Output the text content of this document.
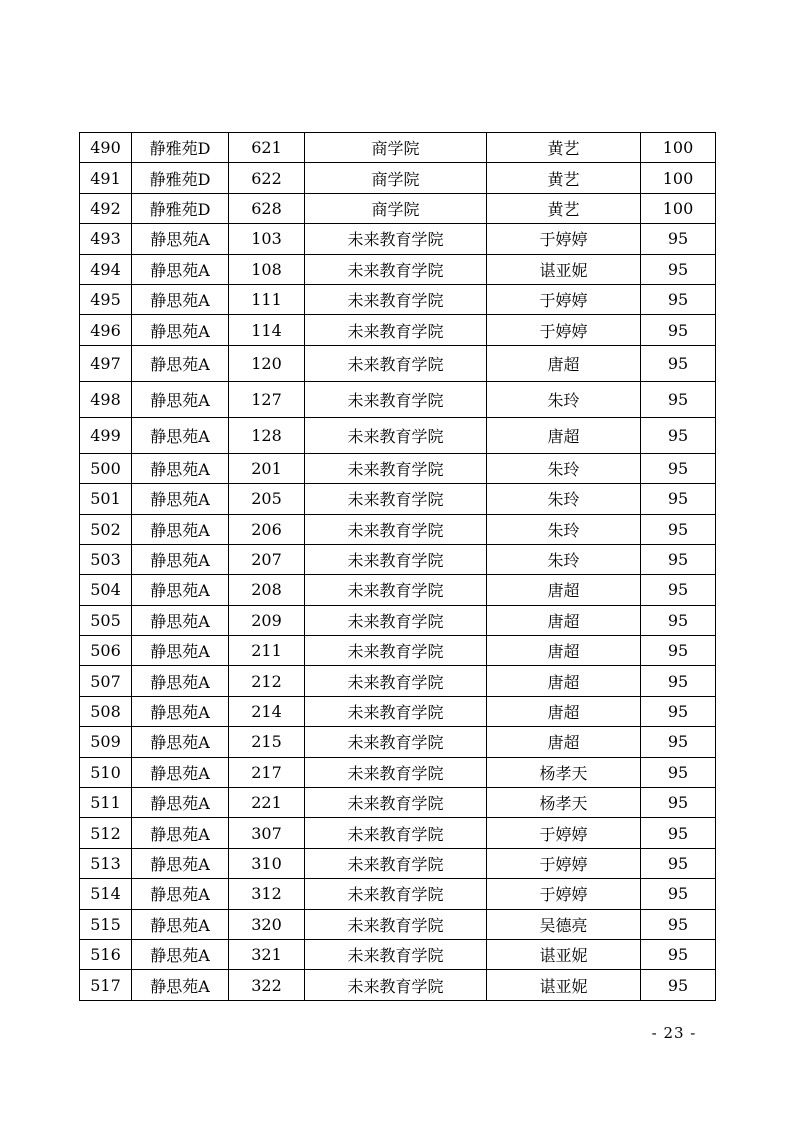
490	静雅苑D	621	商学院	黄艺	100
491	静雅苑D	622	商学院	黄艺	100
492	静雅苑D	628	商学院	黄艺	100
493	静思苑A	103	未来教育学院	于婷婷	95
494	静思苑A	108	未来教育学院	谌亚妮	95
495	静思苑A	111	未来教育学院	于婷婷	95
496	静思苑A	114	未来教育学院	于婷婷	95
497	静思苑A	120	未来教育学院	唐超	95
498	静思苑A	127	未来教育学院	朱玲	95
499	静思苑A	128	未来教育学院	唐超	95
500	静思苑A	201	未来教育学院	朱玲	95
501	静思苑A	205	未来教育学院	朱玲	95
502	静思苑A	206	未来教育学院	朱玲	95
503	静思苑A	207	未来教育学院	朱玲	95
504	静思苑A	208	未来教育学院	唐超	95
505	静思苑A	209	未来教育学院	唐超	95
506	静思苑A	211	未来教育学院	唐超	95
507	静思苑A	212	未来教育学院	唐超	95
508	静思苑A	214	未来教育学院	唐超	95
509	静思苑A	215	未来教育学院	唐超	95
510	静思苑A	217	未来教育学院	杨孝天	95
511	静思苑A	221	未来教育学院	杨孝天	95
512	静思苑A	307	未来教育学院	于婷婷	95
513	静思苑A	310	未来教育学院	于婷婷	95
514	静思苑A	312	未来教育学院	于婷婷	95
515	静思苑A	320	未来教育学院	吴德亮	95
516	静思苑A	321	未来教育学院	谌亚妮	95
517	静思苑A	322	未来教育学院	谌亚妮	95
- 23 -
